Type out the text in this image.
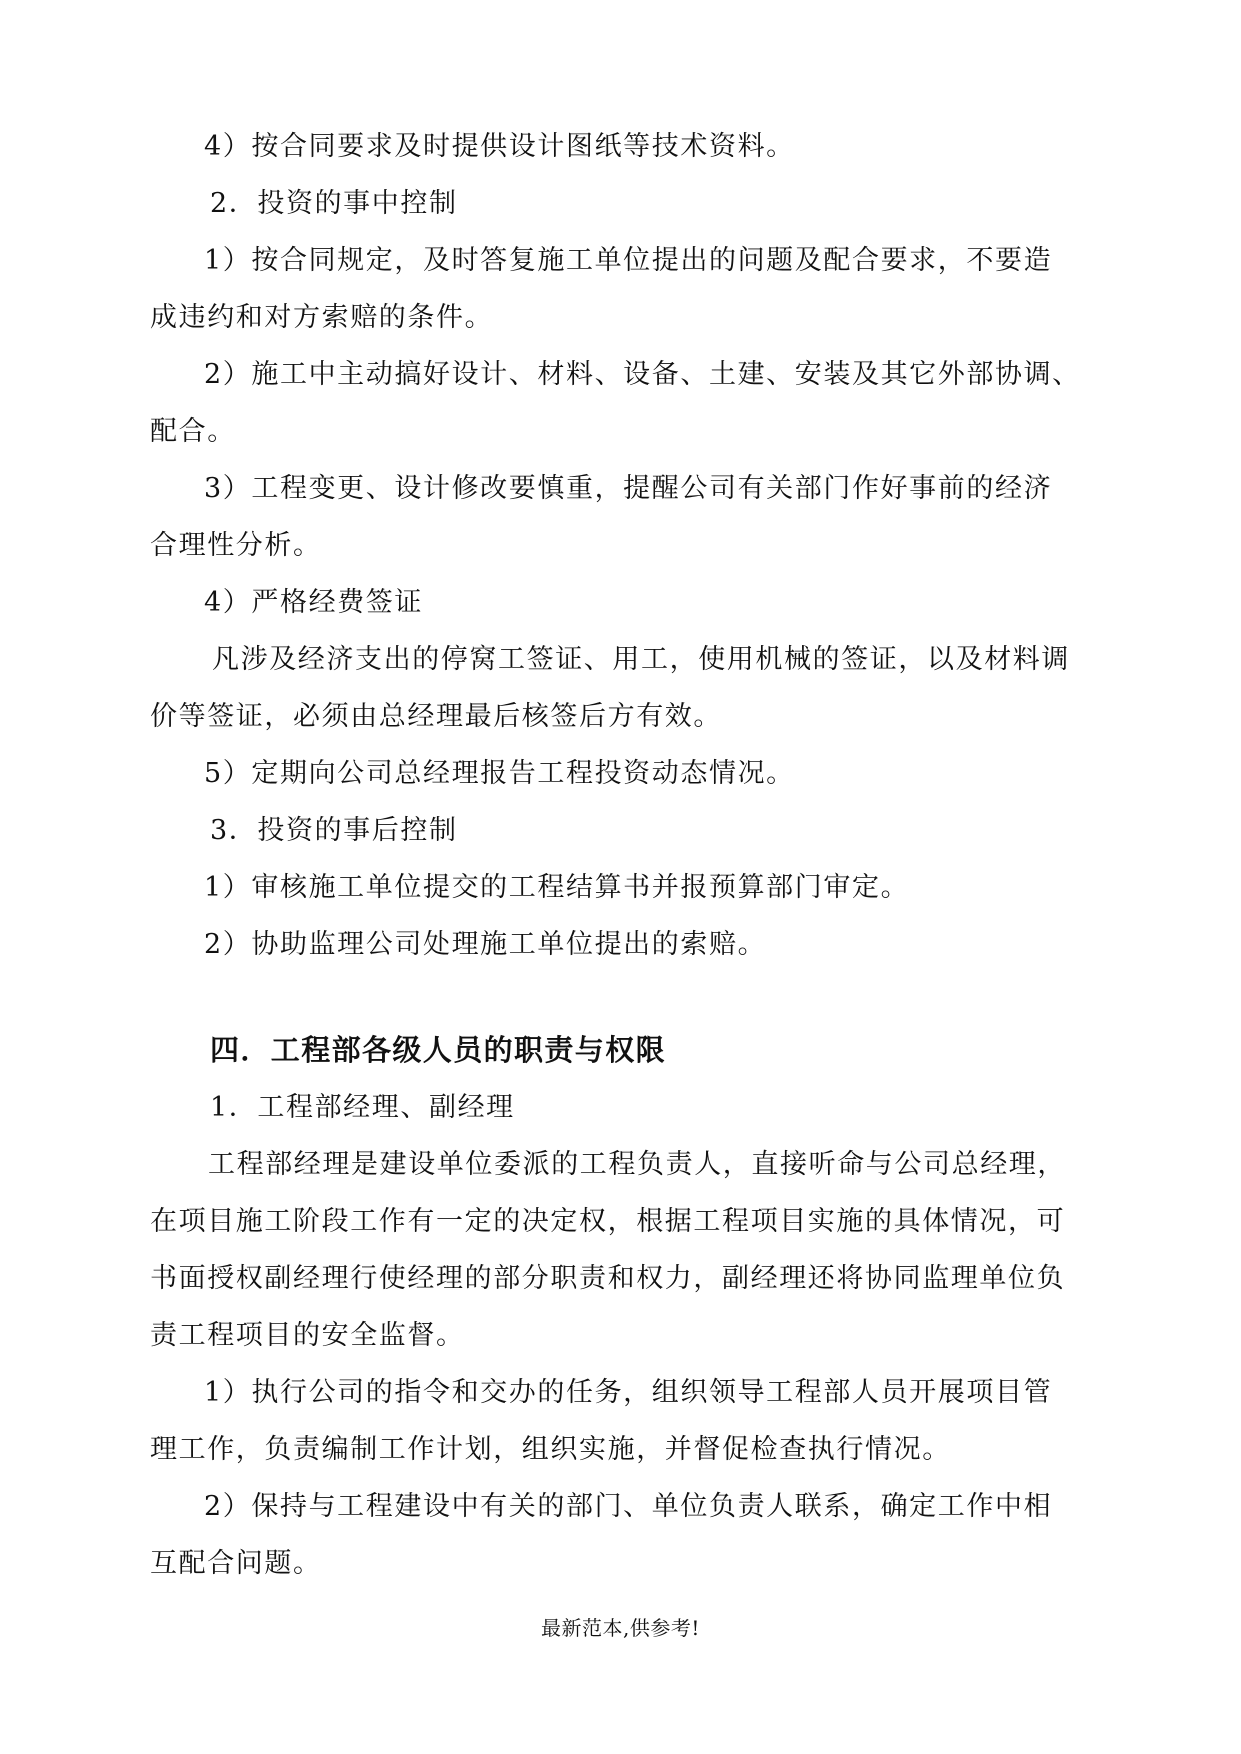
4）按合同要求及时提供设计图纸等技术资料。
2．投资的事中控制
1）按合同规定，及时答复施工单位提出的问题及配合要求，不要造
成违约和对方索赔的条件。
2）施工中主动搞好设计、材料、设备、土建、安装及其它外部协调、
配合。
3）工程变更、设计修改要慎重，提醒公司有关部门作好事前的经济
合理性分析。
4）严格经费签证
凡涉及经济支出的停窝工签证、用工，使用机械的签证，以及材料调
价等签证，必须由总经理最后核签后方有效。
5）定期向公司总经理报告工程投资动态情况。
3．投资的事后控制
1）审核施工单位提交的工程结算书并报预算部门审定。
2）协助监理公司处理施工单位提出的索赔。
四．工程部各级人员的职责与权限
1．工程部经理、副经理
工程部经理是建设单位委派的工程负责人，直接听命与公司总经理，
在项目施工阶段工作有一定的决定权，根据工程项目实施的具体情况，可
书面授权副经理行使经理的部分职责和权力，副经理还将协同监理单位负
责工程项目的安全监督。
1）执行公司的指令和交办的任务，组织领导工程部人员开展项目管
理工作，负责编制工作计划，组织实施，并督促检查执行情况。
2）保持与工程建设中有关的部门、单位负责人联系，确定工作中相
互配合问题。
最新范本,供参考!
